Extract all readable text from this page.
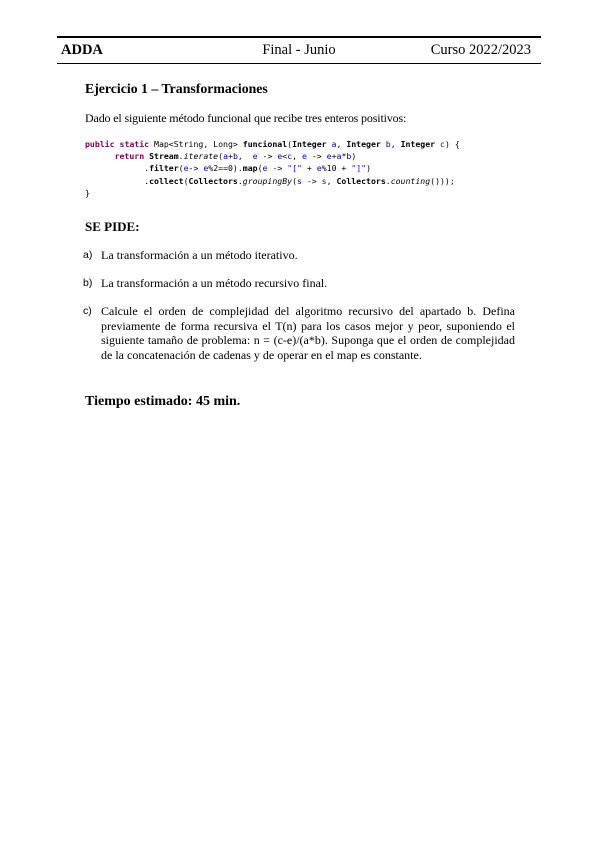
ADDA	Final - Junio	Curso 2022/2023
Ejercicio 1 – Transformaciones

Dado el siguiente método funcional que recibe tres enteros positivos:

public static Map<String, Long> funcional(Integer a, Integer b, Integer c) {
return Stream.iterate(a+b,  e -> e<c, e -> e+a*b)
.filter(e-> e%2==0).map(e -> "[" + e%10 + "]")
.collect(Collectors.groupingBy(s -> s, Collectors.counting()));
}

SE PIDE:

a) La transformación a un método iterativo.
b) La transformación a un método recursivo final.
c) Calcule el orden de complejidad del algoritmo recursivo del apartado b. Defina previamente de forma recursiva el T(n) para los casos mejor y peor, suponiendo el siguiente tamaño de problema: n = (c-e)/(a*b). Suponga que el orden de complejidad de la concatenación de cadenas y de operar en el map es constante.

Tiempo estimado: 45 min.
